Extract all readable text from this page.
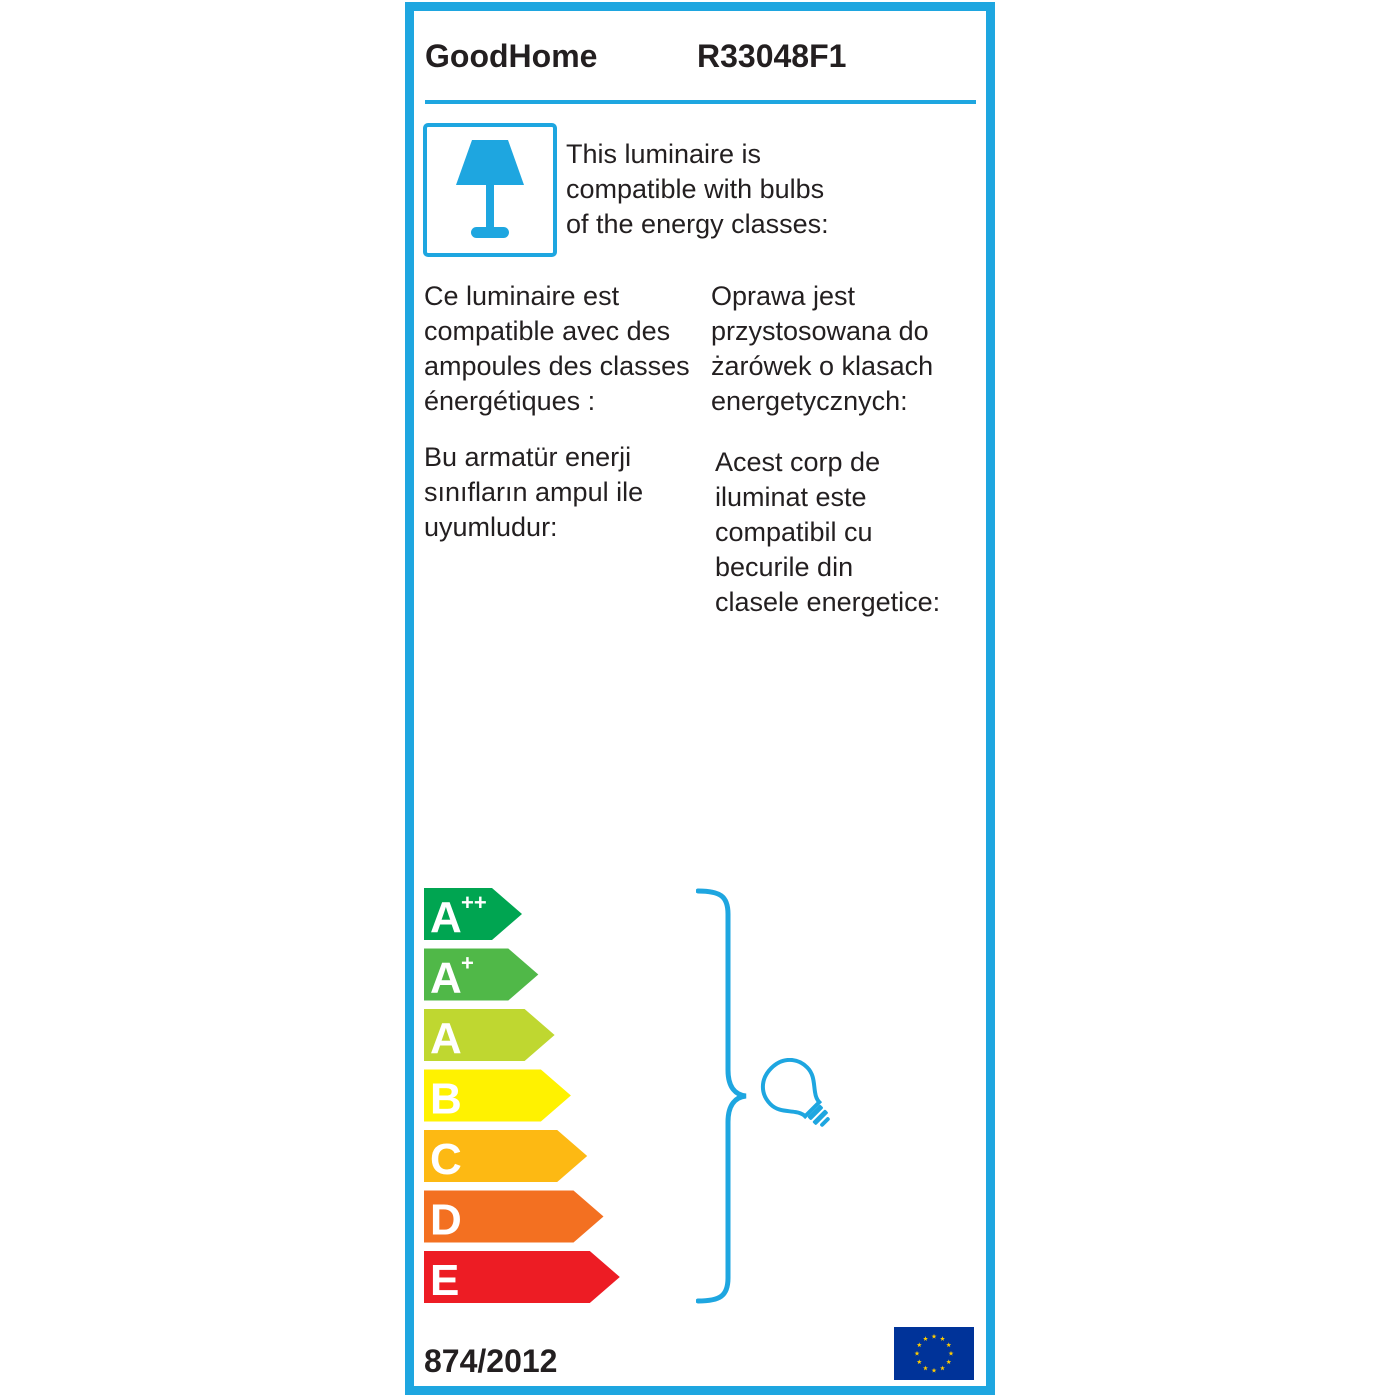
GoodHome	R33048F1
This luminaire is
compatible with bulbs
of the energy classes:
Ce luminaire est
compatible avec des
ampoules des classes
énergétiques :
Oprawa jest
przystosowana do
żarówek o klasach
energetycznych:
Bu armatür enerji
sınıfların ampul ile
uyumludur:
Acest corp de
iluminat este
compatibil cu
becurile din
clasele energetice:
A ++
A +
A
B
C
D
E
874/2012
